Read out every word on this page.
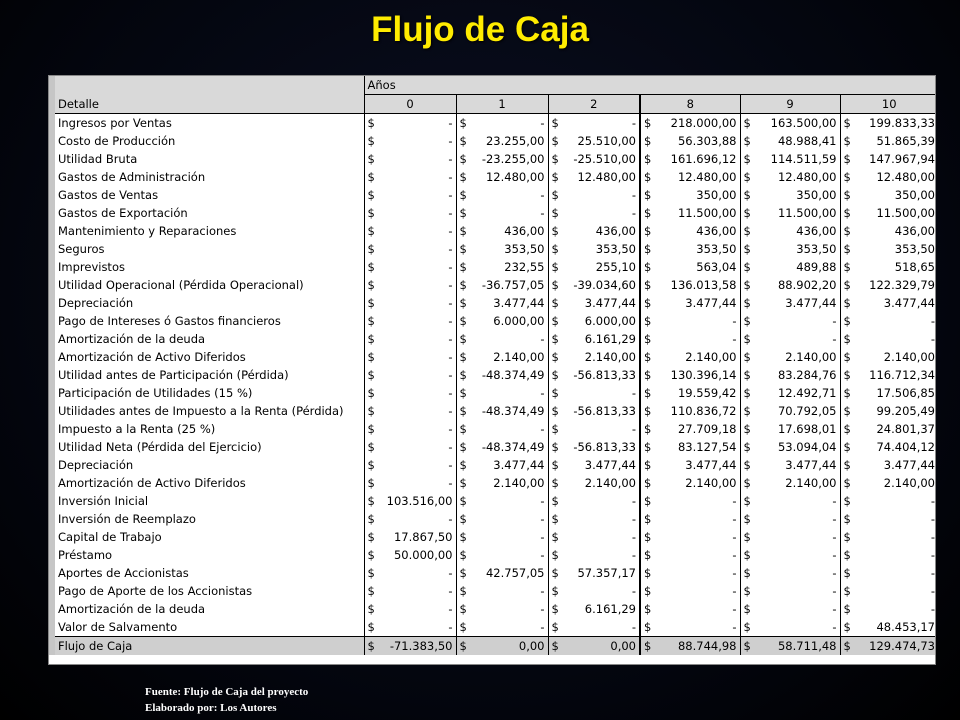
Flujo de Caja
	Años											
Detalle	0		1		2		8		9		10	
Ingresos por Ventas	$	-	$	-	$	-	$	218.000,00	$	163.500,00	$	199.833,33
Costo de Producción	$	-	$	23.255,00	$	25.510,00	$	56.303,88	$	48.988,41	$	51.865,39
Utilidad Bruta	$	-	$	-23.255,00	$	-25.510,00	$	161.696,12	$	114.511,59	$	147.967,94
Gastos de Administración	$	-	$	12.480,00	$	12.480,00	$	12.480,00	$	12.480,00	$	12.480,00
Gastos de Ventas	$	-	$	-	$	-	$	350,00	$	350,00	$	350,00
Gastos de Exportación	$	-	$	-	$	-	$	11.500,00	$	11.500,00	$	11.500,00
Mantenimiento y Reparaciones	$	-	$	436,00	$	436,00	$	436,00	$	436,00	$	436,00
Seguros	$	-	$	353,50	$	353,50	$	353,50	$	353,50	$	353,50
Imprevistos	$	-	$	232,55	$	255,10	$	563,04	$	489,88	$	518,65
Utilidad Operacional (Pérdida Operacional)	$	-	$	-36.757,05	$	-39.034,60	$	136.013,58	$	88.902,20	$	122.329,79
Depreciación	$	-	$	3.477,44	$	3.477,44	$	3.477,44	$	3.477,44	$	3.477,44
Pago de Intereses ó Gastos financieros	$	-	$	6.000,00	$	6.000,00	$	-	$	-	$	-
Amortización de la deuda	$	-	$	-	$	6.161,29	$	-	$	-	$	-
Amortización de Activo Diferidos	$	-	$	2.140,00	$	2.140,00	$	2.140,00	$	2.140,00	$	2.140,00
Utilidad antes de Participación (Pérdida)	$	-	$	-48.374,49	$	-56.813,33	$	130.396,14	$	83.284,76	$	116.712,34
Participación de Utilidades (15 %)	$	-	$	-	$	-	$	19.559,42	$	12.492,71	$	17.506,85
Utilidades antes de Impuesto a la Renta (Pérdida)	$	-	$	-48.374,49	$	-56.813,33	$	110.836,72	$	70.792,05	$	99.205,49
Impuesto a la Renta (25 %)	$	-	$	-	$	-	$	27.709,18	$	17.698,01	$	24.801,37
Utilidad Neta (Pérdida del Ejercicio)	$	-	$	-48.374,49	$	-56.813,33	$	83.127,54	$	53.094,04	$	74.404,12
Depreciación	$	-	$	3.477,44	$	3.477,44	$	3.477,44	$	3.477,44	$	3.477,44
Amortización de Activo Diferidos	$	-	$	2.140,00	$	2.140,00	$	2.140,00	$	2.140,00	$	2.140,00
Inversión Inicial	$	103.516,00	$	-	$	-	$	-	$	-	$	-
Inversión de Reemplazo	$	-	$	-	$	-	$	-	$	-	$	-
Capital de Trabajo	$	17.867,50	$	-	$	-	$	-	$	-	$	-
Préstamo	$	50.000,00	$	-	$	-	$	-	$	-	$	-
Aportes de Accionistas	$	-	$	42.757,05	$	57.357,17	$	-	$	-	$	-
Pago de Aporte de los Accionistas	$	-	$	-	$	-	$	-	$	-	$	-
Amortización de la deuda	$	-	$	-	$	6.161,29	$	-	$	-	$	-
Valor de Salvamento	$	-	$	-	$	-	$	-	$	-	$	48.453,17
Flujo de Caja	$	-71.383,50	$	0,00	$	0,00	$	88.744,98	$	58.711,48	$	129.474,73
Fuente: Flujo de Caja del proyecto
Elaborado por: Los Autores
